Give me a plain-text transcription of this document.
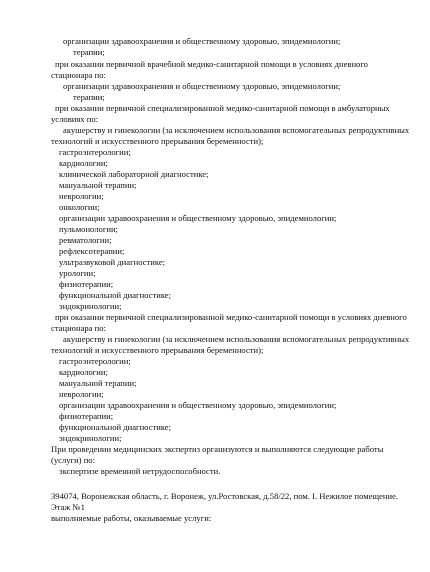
организации здравоохранения и общественному здоровью, эпидемиологии;
терапии;
при оказании первичной врачебной медико-санитарной помощи в условиях дневного
стационара по:
организации здравоохранения и общественному здоровью, эпидемиологии;
терапии;
при оказании первичной специализированной медико-санитарной помощи в амбулаторных
условиях по:
акушерству и гинекологии (за исключением использования вспомогательных репродуктивных
технологий и искусственного прерывания беременности);
гастроэнтерологии;
кардиологии;
клинической лабораторной диагностике;
мануальной терапии;
неврологии;
онкологии;
организации здравоохранения и общественному здоровью, эпидемиологии;
пульмонологии;
ревматологии;
рефлексотерапии;
ультразвуковой диагностике;
урологии;
физиотерапии;
функциональной диагностике;
эндокринологии;
при оказании первичной специализированной медико-санитарной помощи в условиях дневного
стационара по:
акушерству и гинекологии (за исключением использования вспомогательных репродуктивных
технологий и искусственного прерывания беременности);
гастроэнтерологии;
кардиологии;
мануальной терапии;
неврологии;
организации здравоохранения и общественному здоровью, эпидемиологии;
физиотерапии;
функциональной диагностике;
эндокринологии;
При проведении медицинских экспертиз организуются и выполняются следующие работы
(услуги) по:
экспертизе временной нетрудоспособности.
394074, Воронежская область, г. Воронеж, ул.Ростовская, д.58/22, пом. I. Нежилое помещение.
Этаж №1
выполняемые работы, оказываемые услуги:
